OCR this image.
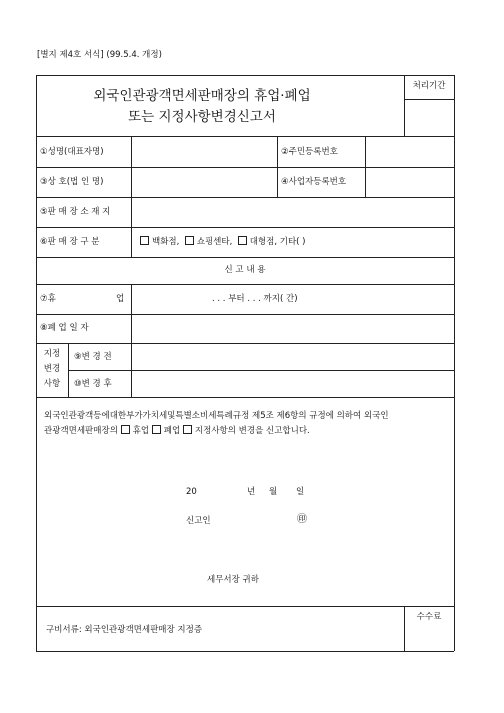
[별지 제4호 서식] (99.5.4. 개정)
외국인관광객면세판매장의 휴업·폐업
또는 지정사항변경신고서
처리기간
①성명(대표자명)	②주민등록번호
③상 호(법 인 명)	④사업자등록번호
⑤판 매 장 소 재 지
⑥판 매 장 구 분	백화점, 쇼핑센타, 대형점, 기타( )
신 고 내 용
⑦휴	업	. . . 부터 . . . 까지( 간)
⑧폐 업 일 자
지정
변경
사항
⑨변 경 전
⑩변 경 후
외국인관광객등에대한부가가치세및특별소비세특례규정 제5조 제6항의 규정에 의하여 외국인
관광객면세판매장의 휴업 폐업 지정사항의 변경을 신고합니다.
20	년 월 일
신고인	㊞
세무서장 귀하
구비서류: 외국인관광객면세판매장 지정증
수수료
